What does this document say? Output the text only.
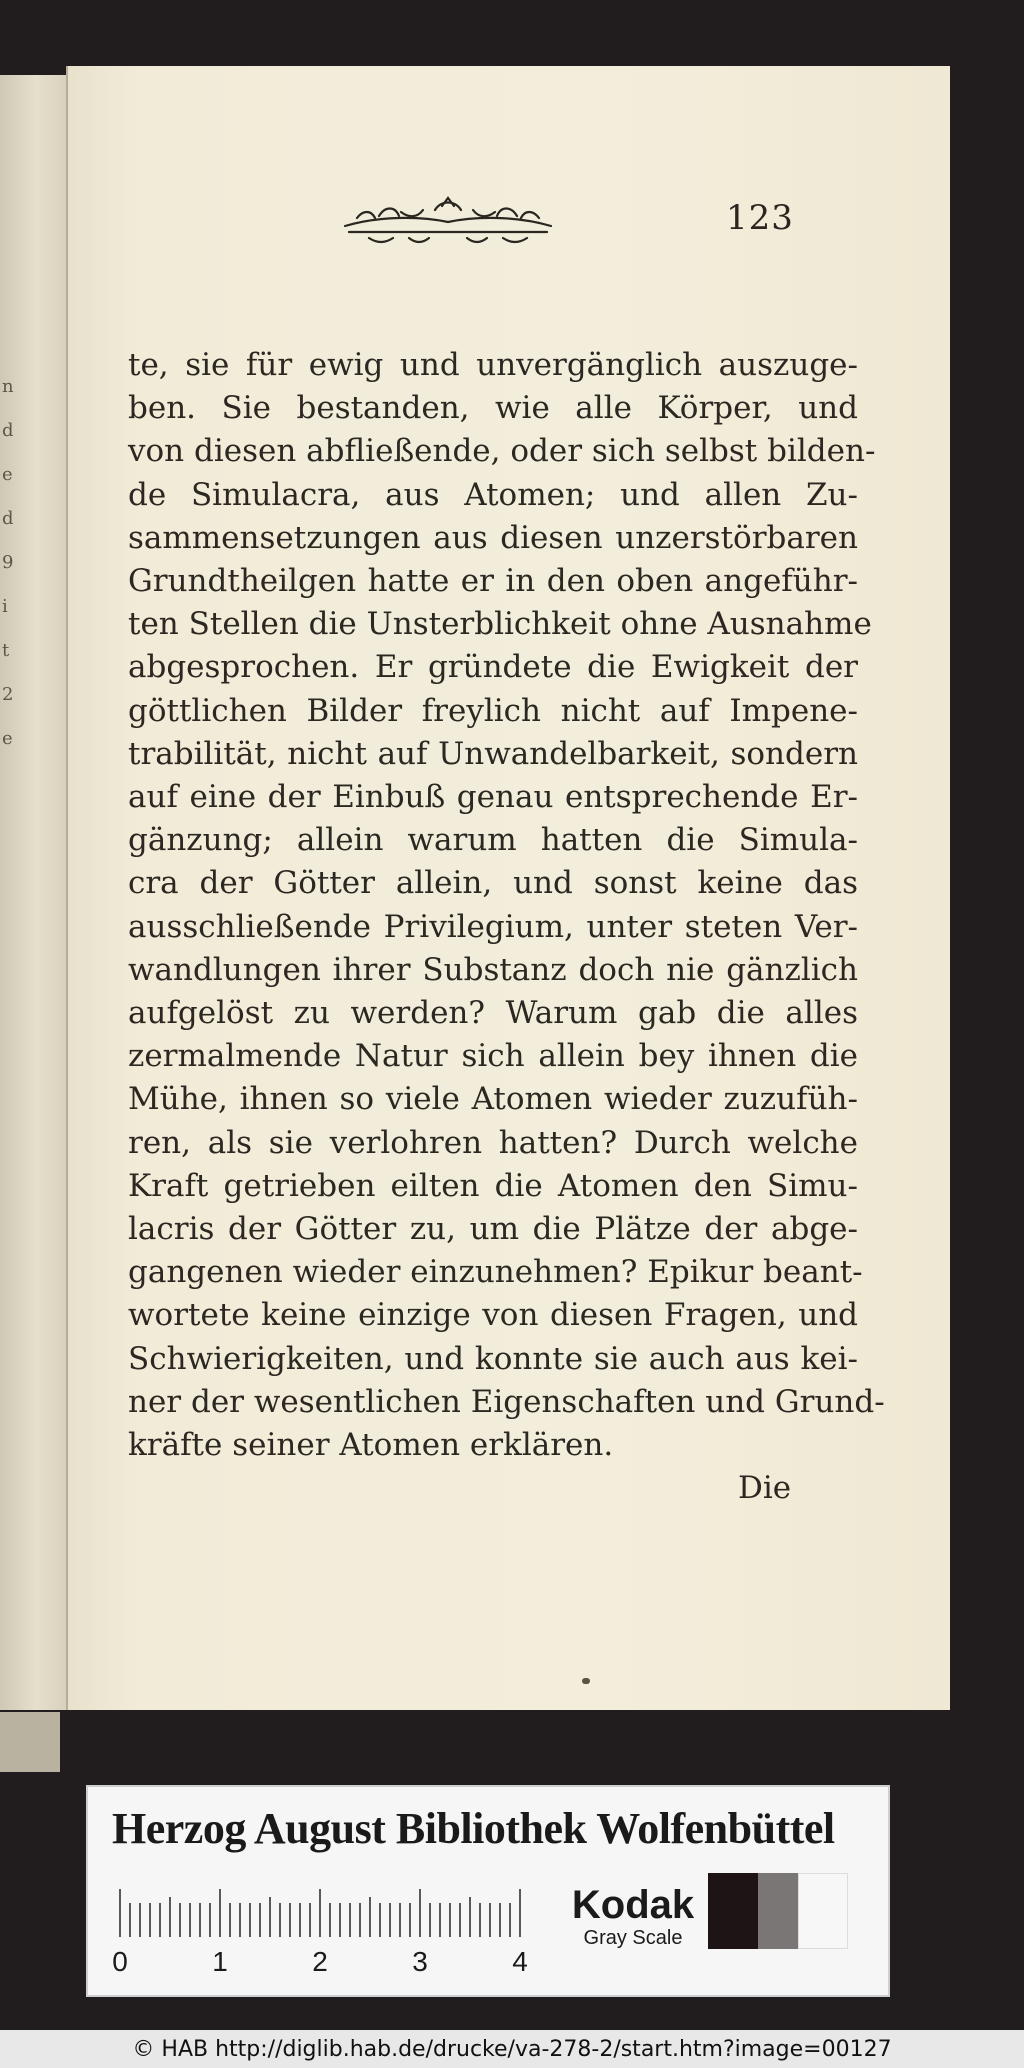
n
d
e
d
9
i
t
2
e
123
te, sie für ewig und unvergänglich auszuge-
ben. Sie bestanden, wie alle Körper, und
von diesen abfließende, oder sich selbst bilden-
de Simulacra, aus Atomen; und allen Zu-
sammensetzungen aus diesen unzerstörbaren
Grundtheilgen hatte er in den oben angeführ-
ten Stellen die Unsterblichkeit ohne Ausnahme
abgesprochen. Er gründete die Ewigkeit der
göttlichen Bilder freylich nicht auf Impene-
trabilität, nicht auf Unwandelbarkeit, sondern
auf eine der Einbuß genau entsprechende Er-
gänzung; allein warum hatten die Simula-
cra der Götter allein, und sonst keine das
ausschließende Privilegium, unter steten Ver-
wandlungen ihrer Substanz doch nie gänzlich
aufgelöst zu werden? Warum gab die alles
zermalmende Natur sich allein bey ihnen die
Mühe, ihnen so viele Atomen wieder zuzufüh-
ren, als sie verlohren hatten? Durch welche
Kraft getrieben eilten die Atomen den Simu-
lacris der Götter zu, um die Plätze der abge-
gangenen wieder einzunehmen? Epikur beant-
wortete keine einzige von diesen Fragen, und
Schwierigkeiten, und konnte sie auch aus kei-
ner der wesentlichen Eigenschaften und Grund-
kräfte seiner Atomen erklären.
Die
Herzog August Bibliothek Wolfenbüttel
0	1	2	3	4
Kodak
Gray Scale
© HAB http://diglib.hab.de/drucke/va-278-2/start.htm?image=00127
